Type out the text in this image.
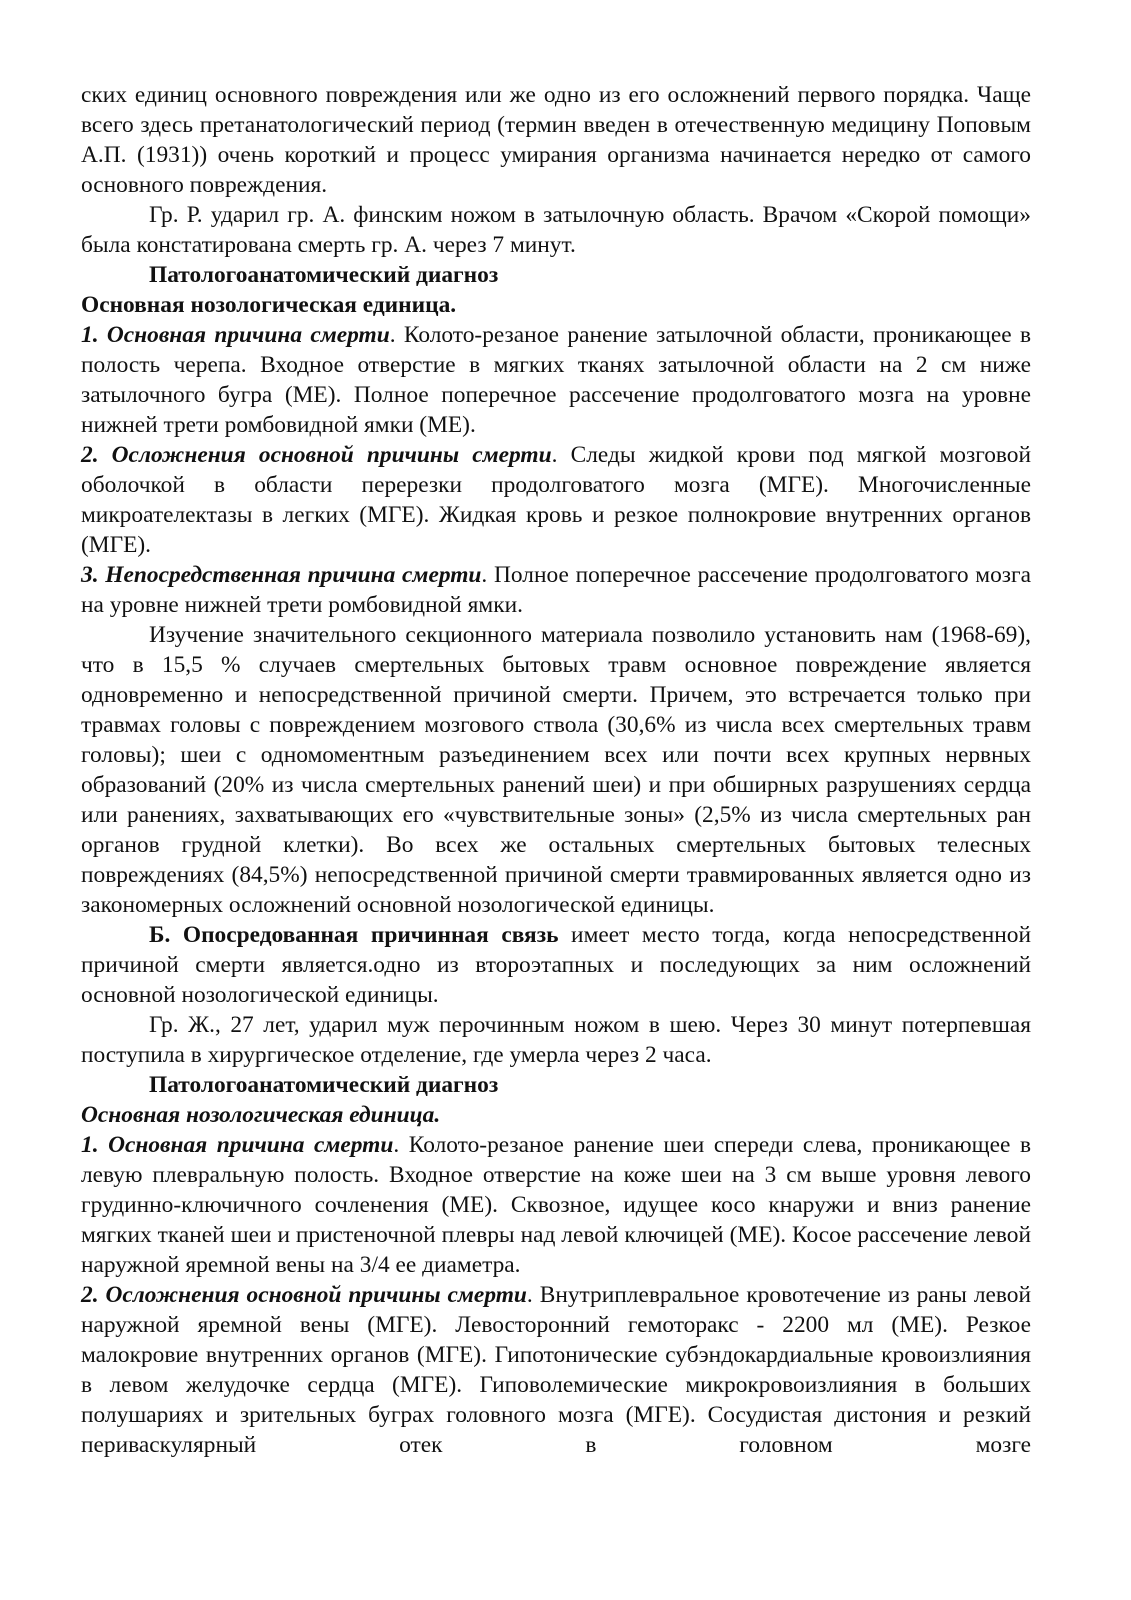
ских единиц основного повреждения или же одно из его осложнений первого порядка. Чаще всего здесь претанатологический период (термин введен в отечественную медицину Поповым А.П. (1931)) очень короткий и процесс умирания организма начинается нередко от самого основного повреждения.

Гр. Р. ударил гр. А. финским ножом в затылочную область. Врачом «Скорой помощи» была констатирована смерть гр. А. через 7 минут.

Патологоанатомический диагноз

Основная нозологическая единица.

1. Основная причина смерти. Колото-резаное ранение затылочной области, проникающее в полость черепа. Входное отверстие в мягких тканях затылочной области на 2 см ниже затылочного бугра (МЕ). Полное поперечное рассечение продолговатого мозга на уровне нижней трети ромбовидной ямки (МЕ).

2. Осложнения основной причины смерти. Следы жидкой крови под мягкой мозговой оболочкой в области перерезки продолговатого мозга (МГЕ). Многочисленные микроателектазы в легких (МГЕ). Жидкая кровь и резкое полнокровие внутренних органов (МГЕ).

3. Непосредственная причина смерти. Полное поперечное рассечение продолговатого мозга на уровне нижней трети ромбовидной ямки.

Изучение значительного секционного материала позволило установить нам (1968-69), что в 15,5 % случаев смертельных бытовых травм основное повреждение является одновременно и непосредственной причиной смерти. Причем, это встречается только при травмах головы с повреждением мозгового ствола (30,6% из числа всех смертельных травм головы); шеи с одномоментным разъединением всех или почти всех крупных нервных образований (20% из числа смертельных ранений шеи) и при обширных разрушениях сердца или ранениях, захватывающих его «чувствительные зоны» (2,5% из числа смертельных ран органов грудной клетки). Во всех же остальных смертельных бытовых телесных повреждениях (84,5%) непосредственной причиной смерти травмированных является одно из закономерных осложнений основной нозологической единицы.

Б. Опосредованная причинная связь имеет место тогда, когда непосредственной причиной смерти является.одно из второэтапных и последующих за ним осложнений основной нозологической единицы.

Гр. Ж., 27 лет, ударил муж перочинным ножом в шею. Через 30 минут потерпевшая поступила в хирургическое отделение, где умерла через 2 часа.

Патологоанатомический диагноз

Основная нозологическая единица.

1. Основная причина смерти. Колото-резаное ранение шеи спереди слева, проникающее в левую плевральную полость. Входное отверстие на коже шеи на 3 см выше уровня левого грудинно-ключичного сочленения (МЕ). Сквозное, идущее косо кнаружи и вниз ранение мягких тканей шеи и пристеночной плевры над левой ключицей (МЕ). Косое рассечение левой наружной яремной вены на 3/4 ее диаметра.

2. Осложнения основной причины смерти. Внутриплевральное кровотечение из раны левой наружной яремной вены (МГЕ). Левосторонний гемоторакс - 2200 мл (МЕ). Резкое малокровие внутренних органов (МГЕ). Гипотонические субэндокардиальные кровоизлияния в левом желудочке сердца (МГЕ). Гиповолемические микрокровоизлияния в больших полушариях и зрительных буграх головного мозга (МГЕ). Сосудистая дистония и резкий периваскулярный отек в головном мозге
